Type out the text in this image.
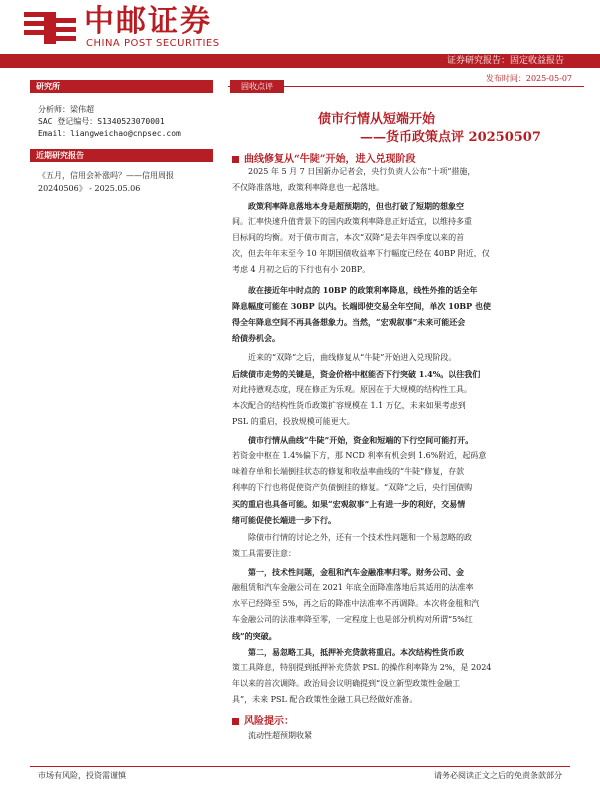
中邮证券
CHINA POST SECURITIES
证券研究报告：固定收益报告
发布时间：2025-05-07
研究所
分析师：梁伟超
SAC 登记编号：S1340523070001
Email：liangweichao@cnpsec.com
近期研究报告
《五月，信用会补涨吗？——信用周报
20240506》 - 2025.05.06
固收点评
债市行情从短端开始
——货币政策点评 20250507
曲线修复从“牛陡”开始，进入兑现阶段
2025 年 5 月 7 日国新办记者会，央行负责人公布“十项”措施，
不仅降准落地，政策利率降息也一起落地。
政策利率降息落地本身是超预期的，但也打破了短期的想象空
间。汇率快速升值背景下的国内政策利率降息正好适宜，以维持多重
目标间的均衡。对于债市而言，本次“双降”是去年四季度以来的首
次，但去年年末至今 10 年期国债收益率下行幅度已经在 40BP 附近，仅
考虑 4 月初之后的下行也有小 20BP。
故在接近年中时点的 10BP 的政策利率降息，线性外推的话全年
降息幅度可能在 30BP 以内。长端即使交易全年空间，单次 10BP 也使
得全年降息空间不再具备想象力。当然，“宏观叙事”未来可能还会
给债券机会。
近来的“双降”之后，曲线修复从“牛陡”开始进入兑现阶段。
后续债市走势的关键是，资金价格中枢能否下行突破 1.4%。以往我们
对此持懑观态度，现在修正为乐观。原因在于大规模的结构性工具。
本次配合的结构性货币政策扩容规模在 1.1 万亿，未来如果考虑到
PSL 的重启，投放规模可能更大。
债市行情从曲线“牛陡”开始，资金和短端的下行空间可能打开。
若资金中枢在 1.4%偏下方，那 NCD 利率有机会到 1.6%附近，起码意
味着存单和长端倒挂状态的修复和收益率曲线的“牛陡”修复，存款
利率的下行也将促使资产负债倒挂的修复。“双降”之后，央行国债购
买的重启也具备可能。如果“宏观叙事”上有进一步的利好，交易情
绪可能促使长端进一步下行。
除债市行情的讨论之外，还有一个技术性问题和一个易忽略的政
策工具需要注意：
第一，技术性问题，金租和汽车金融准率归零。财务公司、金
融租赁和汽车金融公司在 2021 年底全面降准落地后其适用的法准率
水平已经降至 5%，再之后的降准中法准率不再调降。本次将金租和汽
车金融公司的法准率降至零，一定程度上也是部分机构对所谓“5%红
线”的突破。
第二，易忽略工具，抵押补充贷款将重启。本次结构性货币政
策工具降息，特别提到抵押补充贷款 PSL 的操作利率降为 2%，是 2024
年以来的首次调降。政治局会议明确提到“设立新型政策性金融工
具”，未来 PSL 配合政策性金融工具已经做好准备。
风险提示：
流动性超预期收紧
市场有风险，投资需谨慎	请务必阅读正文之后的免责条款部分
